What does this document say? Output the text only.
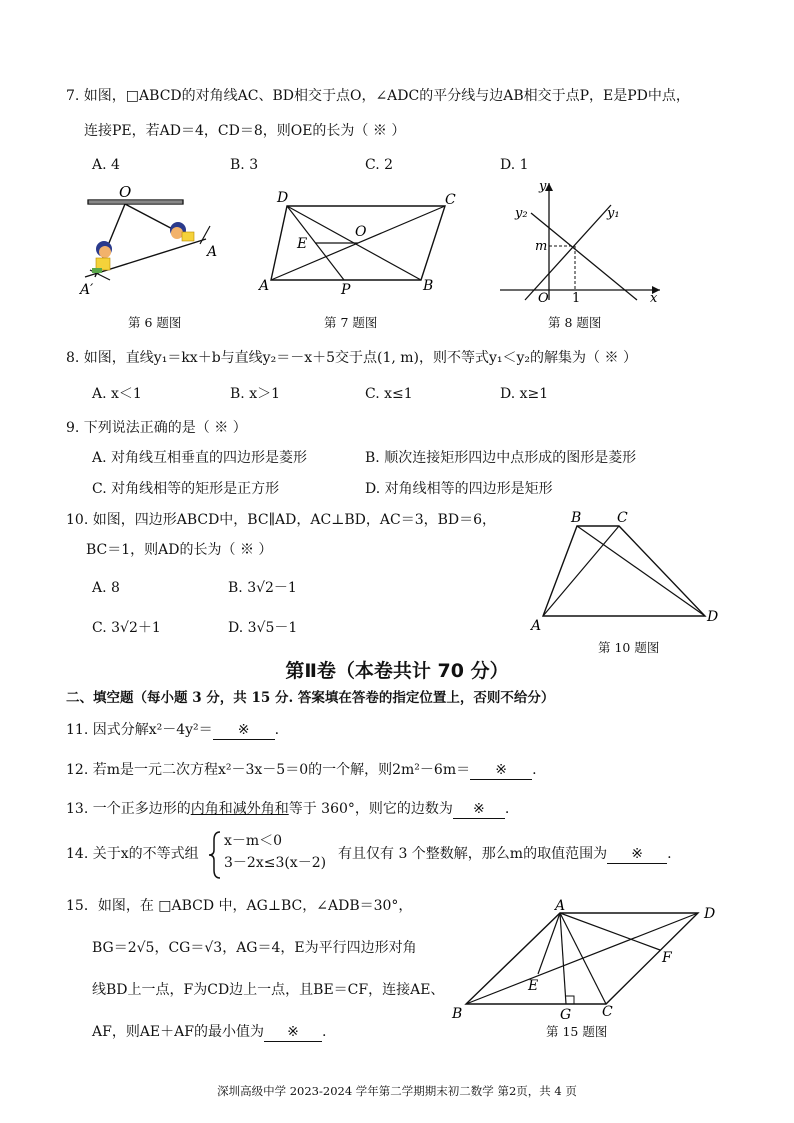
7. 如图，□ABCD的对角线AC、BD相交于点O，∠ADC的平分线与边AB相交于点P，E是PD中点，
连接PE，若AD＝4，CD＝8，则OE的长为（ ※ ）
A. 4	B. 3	C. 2	D. 1
O
A
A′
第 6 题图
D	C
E
O
A	P	B
第 7 题图
y
y₁
y₂
m
O 1	x
第 8 题图
8. 如图，直线y₁＝kx＋b与直线y₂＝－x＋5交于点(1, m)，则不等式y₁＜y₂的解集为（ ※ ）
A. x＜1	B. x＞1	C. x≤1	D. x≥1
9. 下列说法正确的是（ ※ ）
A. 对角线互相垂直的四边形是菱形	B. 顺次连接矩形四边中点形成的图形是菱形
C. 对角线相等的矩形是正方形	D. 对角线相等的四边形是矩形
10. 如图，四边形ABCD中，BC∥AD，AC⊥BD，AC＝3，BD＝6，
BC＝1，则AD的长为（ ※ ）
A. 8	B. 3√2－1
C. 3√2＋1	D. 3√5－1
B	C
A
D
第 10 题图
第Ⅱ卷（本卷共计 70 分）
二、填空题（每小题 3 分，共 15 分. 答案填在答卷的指定位置上，否则不给分）
11. 因式分解x²－4y²＝ ※ .
12. 若m是一元二次方程x²－3x－5＝0的一个解，则2m²－6m＝ ※ .
13. 一个正多边形的内角和减外角和等于 360°，则它的边数为 ※ .
14. 关于x的不等式组
x－m＜0
3－2x≤3(x－2)
有且仅有 3 个整数解，那么m的取值范围为 ※ .
15．如图，在 □ABCD 中，AG⊥BC，∠ADB＝30°，
BG＝2√5，CG＝√3，AG＝4，E为平行四边形对角
线BD上一点，F为CD边上一点，且BE＝CF，连接AE、
AF，则AE＋AF的最小值为 ※ .
A	D
F
E
B	G C
第 15 题图
深圳高级中学 2023-2024 学年第二学期期末初二数学 第2页，共 4 页
